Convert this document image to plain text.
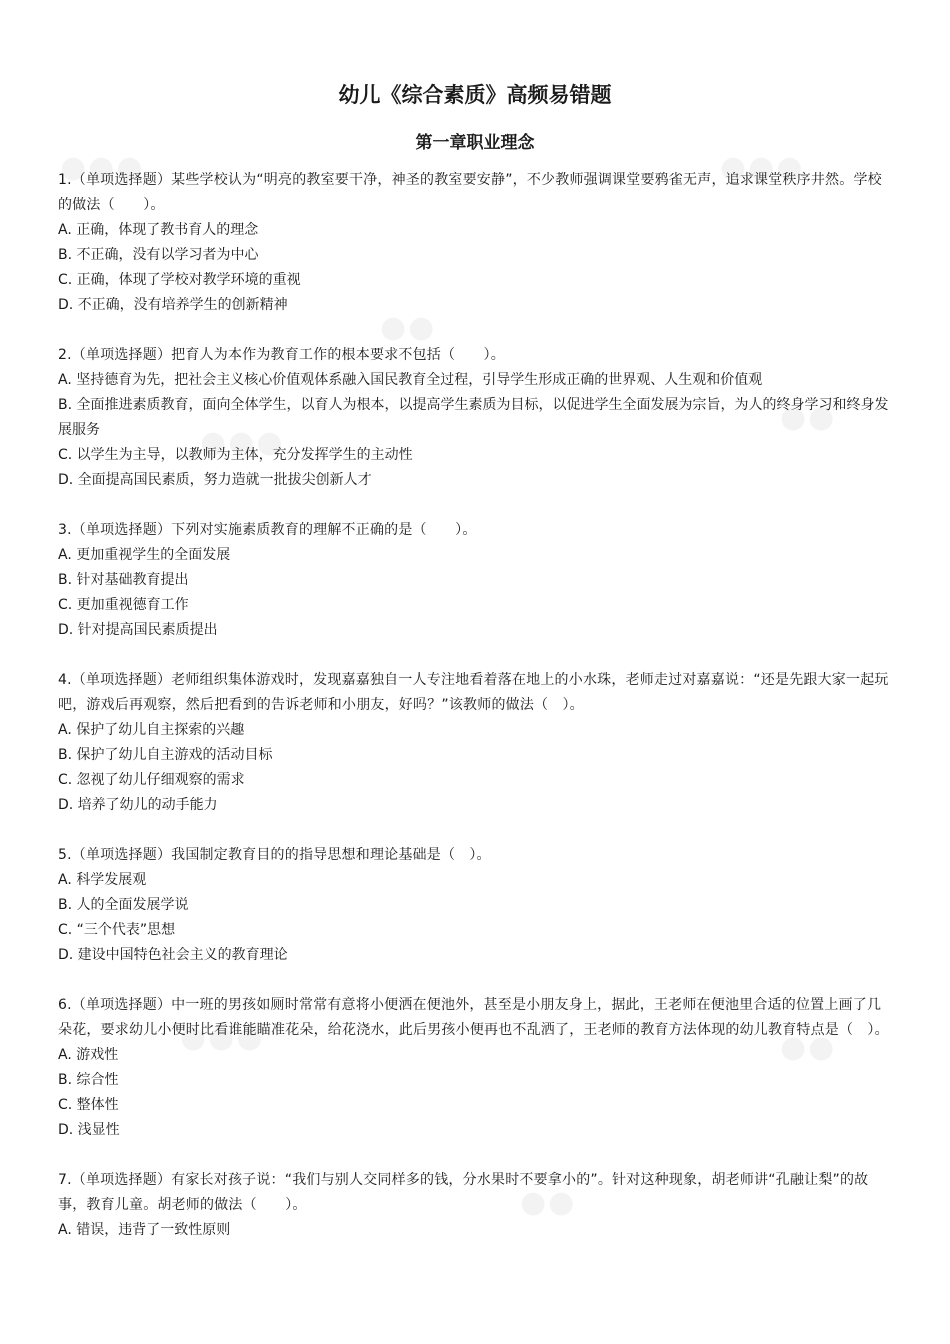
幼儿《综合素质》高频易错题
第一章职业理念

1.（单项选择题）某些学校认为“明亮的教室要干净，神圣的教室要安静”，不少教师强调课堂要鸦雀无声，追求课堂秩序井然。学校的做法（　　）。

A. 正确，体现了教书育人的理念

B. 不正确，没有以学习者为中心

C. 正确，体现了学校对教学环境的重视

D. 不正确，没有培养学生的创新精神

2.（单项选择题）把育人为本作为教育工作的根本要求不包括（　　）。

A. 坚持德育为先，把社会主义核心价值观体系融入国民教育全过程，引导学生形成正确的世界观、人生观和价值观

B. 全面推进素质教育，面向全体学生，以育人为根本，以提高学生素质为目标，以促进学生全面发展为宗旨，为人的终身学习和终身发展服务

C. 以学生为主导，以教师为主体，充分发挥学生的主动性

D. 全面提高国民素质，努力造就一批拔尖创新人才

3.（单项选择题）下列对实施素质教育的理解不正确的是（　　）。

A. 更加重视学生的全面发展

B. 针对基础教育提出

C. 更加重视德育工作

D. 针对提高国民素质提出

4.（单项选择题）老师组织集体游戏时，发现嘉嘉独自一人专注地看着落在地上的小水珠，老师走过对嘉嘉说：“还是先跟大家一起玩吧，游戏后再观察，然后把看到的告诉老师和小朋友，好吗？”该教师的做法（　）。

A. 保护了幼儿自主探索的兴趣

B. 保护了幼儿自主游戏的活动目标

C. 忽视了幼儿仔细观察的需求

D. 培养了幼儿的动手能力

5.（单项选择题）我国制定教育目的的指导思想和理论基础是（　）。

A. 科学发展观

B. 人的全面发展学说

C. “三个代表”思想

D. 建设中国特色社会主义的教育理论

6.（单项选择题）中一班的男孩如厕时常常有意将小便洒在便池外，甚至是小朋友身上，据此，王老师在便池里合适的位置上画了几朵花，要求幼儿小便时比看谁能瞄准花朵，给花浇水，此后男孩小便再也不乱洒了，王老师的教育方法体现的幼儿教育特点是（　）。

A. 游戏性

B. 综合性

C. 整体性

D. 浅显性

7.（单项选择题）有家长对孩子说：“我们与别人交同样多的钱，分水果时不要拿小的”。针对这种现象，胡老师讲“孔融让梨”的故事，教育儿童。胡老师的做法（　　）。

A. 错误，违背了一致性原则
